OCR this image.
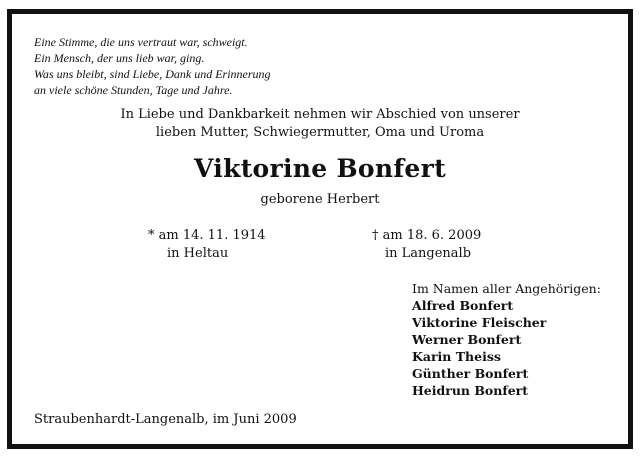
Eine Stimme, die uns vertraut war, schweigt.
Ein Mensch, der uns lieb war, ging.
Was uns bleibt, sind Liebe, Dank und Erinnerung
an viele schöne Stunden, Tage und Jahre.
In Liebe und Dankbarkeit nehmen wir Abschied von unserer
lieben Mutter, Schwiegermutter, Oma und Uroma
Viktorine Bonfert
geborene Herbert
* am 14. 11. 1914
in Heltau
† am 18. 6. 2009
in Langenalb
Im Namen aller Angehörigen:
Alfred Bonfert
Viktorine Fleischer
Werner Bonfert
Karin Theiss
Günther Bonfert
Heidrun Bonfert
Straubenhardt-Langenalb, im Juni 2009
